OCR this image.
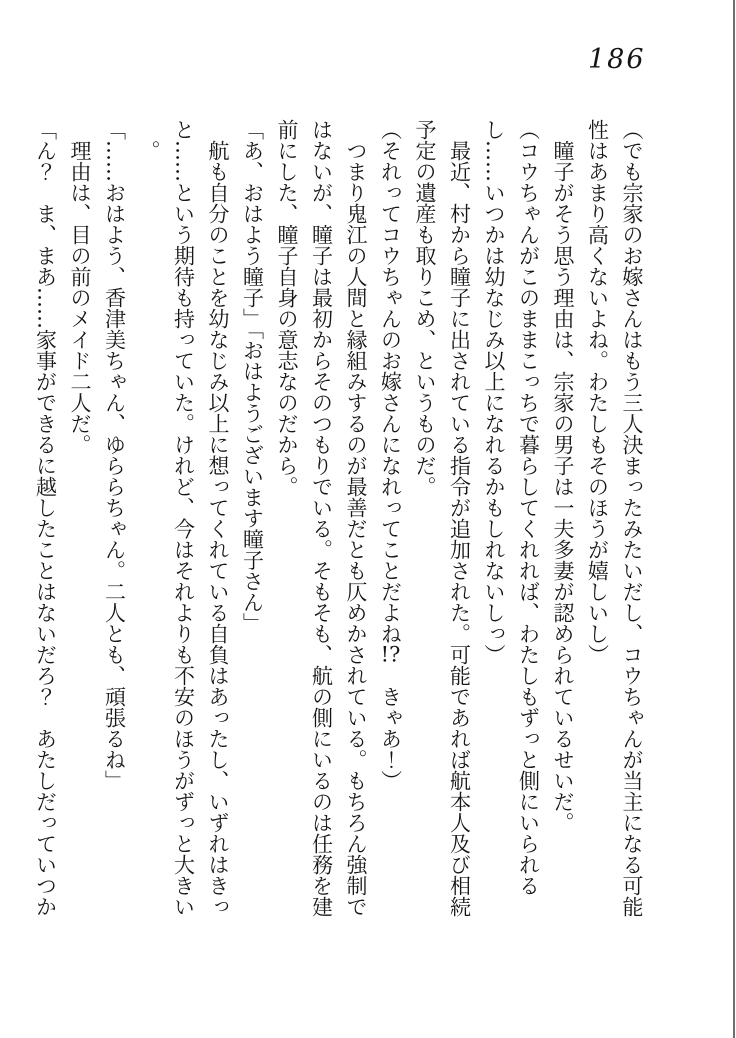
186

（でも宗家のお嫁さんはもう三人決まったみたいだし、コウちゃんが当主になる可能性はあまり高くないよね。わたしもそのほうが嬉しいし）

瞳子がそう思う理由は、宗家の男子は一夫多妻が認められているせいだ。

（コウちゃんがこのままこっちで暮らしてくれれば、わたしもずっと側にいられるし……いつかは幼なじみ以上になれるかもしれないしっ）

最近、村から瞳子に出されている指令が追加された。可能であれば航本人及び相続予定の遺産も取りこめ、というものだ。

（それってコウちゃんのお嫁さんになれってことだよね!?　きゃあ！）

つまり鬼江の人間と縁組みするのが最善だとも仄めかされている。もちろん強制ではないが、瞳子は最初からそのつもりでいる。そもそも、航の側にいるのは任務を建前にした、瞳子自身の意志なのだから。

「あ、おはよう瞳子」「おはようございます瞳子さん」

航も自分のことを幼なじみ以上に想ってくれている自負はあったし、いずれはきっと……という期待も持っていた。けれど、今はそれよりも不安のほうがずっと大きい。

「……おはよう、香津美ちゃん、ゆららちゃん。二人とも、頑張るね」

理由は、目の前のメイド二人だ。

「ん？　ま、まあ……家事ができるに越したことはないだろ？　あたしだっていつか
